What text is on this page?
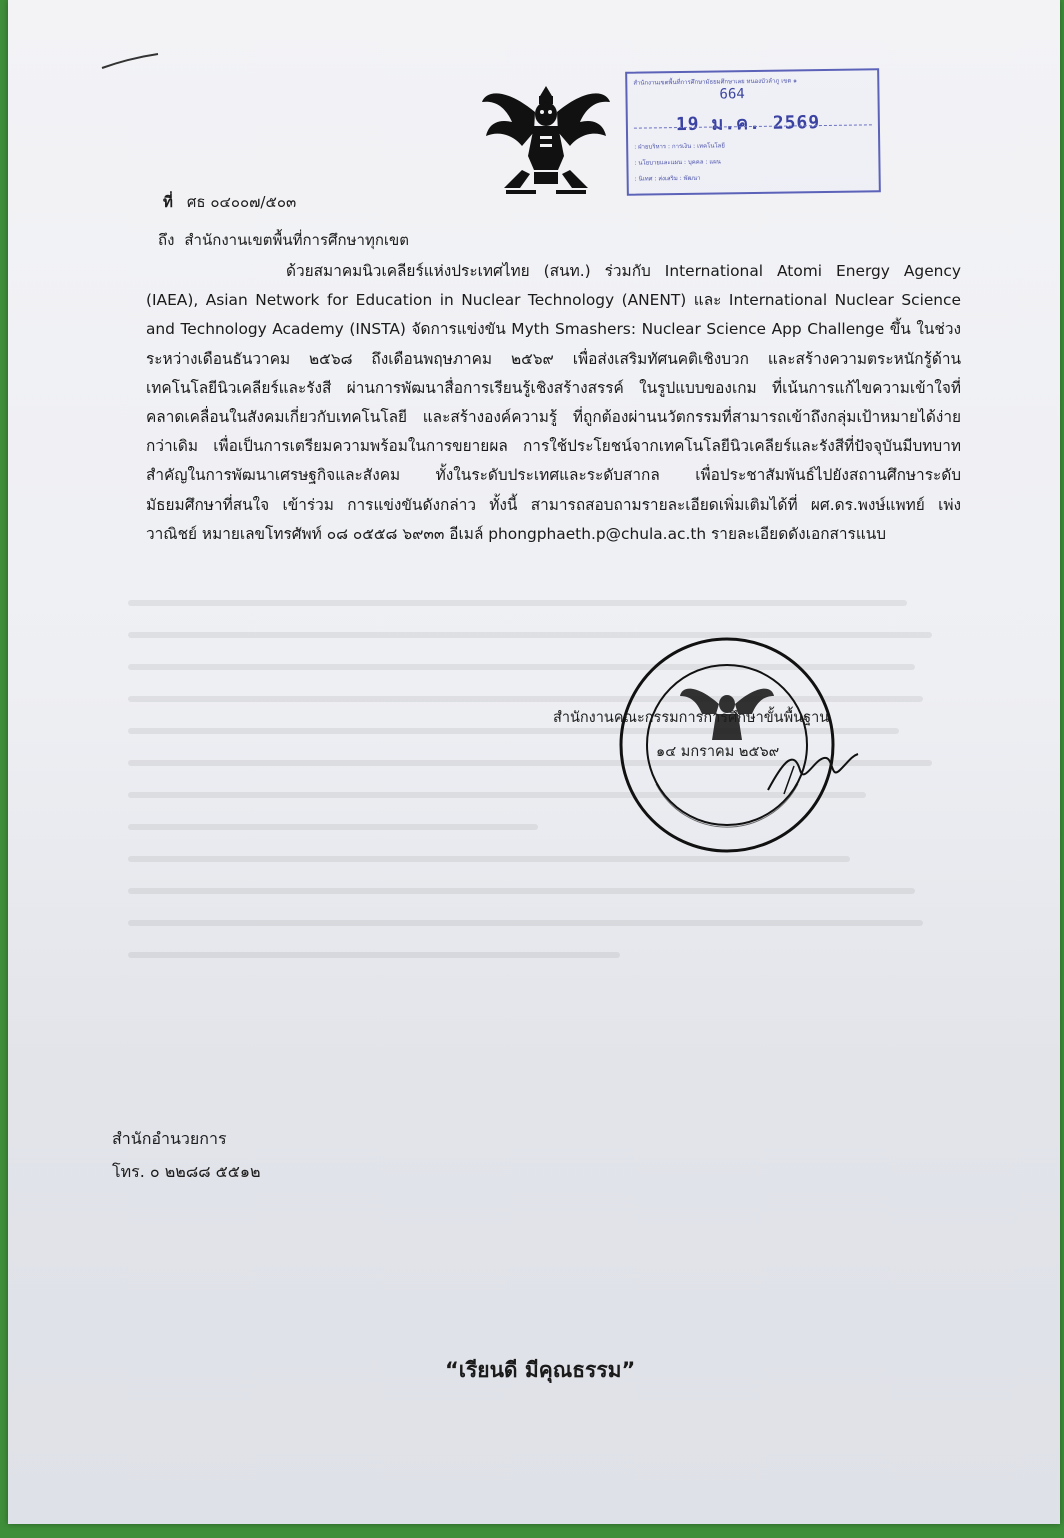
สำนักงานเขตพื้นที่การศึกษามัธยมศึกษาเลย หนองบัวลำภู เขต ๑
664
19 ม.ค. 2569
: ฝ่ายบริหาร : การเงิน : เทคโนโลยี
: นโยบายและแผน : บุคคล : แผน
: นิเทศ : ส่งเสริม : พัฒนา
ที่ ศธ ๐๔๐๐๗/๕๐๓
ถึง สำนักงานเขตพื้นที่การศึกษาทุกเขต
ด้วยสมาคมนิวเคลียร์แห่งประเทศไทย (สนท.) ร่วมกับ International Atomi Energy Agency (IAEA), Asian Network for Education in Nuclear Technology (ANENT) และ International Nuclear Science and Technology Academy (INSTA) จัดการแข่งขัน Myth Smashers: Nuclear Science App Challenge ขึ้น ในช่วงระหว่างเดือนธันวาคม ๒๕๖๘ ถึงเดือนพฤษภาคม ๒๕๖๙ เพื่อส่งเสริมทัศนคติเชิงบวก และสร้างความตระหนักรู้ด้านเทคโนโลยีนิวเคลียร์และรังสี ผ่านการพัฒนาสื่อการเรียนรู้เชิงสร้างสรรค์ ในรูปแบบของเกม ที่เน้นการแก้ไขความเข้าใจที่คลาดเคลื่อนในสังคมเกี่ยวกับเทคโนโลยี และสร้างองค์ความรู้ ที่ถูกต้องผ่านนวัตกรรมที่สามารถเข้าถึงกลุ่มเป้าหมายได้ง่ายกว่าเดิม เพื่อเป็นการเตรียมความพร้อมในการขยายผล การใช้ประโยชน์จากเทคโนโลยีนิวเคลียร์และรังสีที่ปัจจุบันมีบทบาทสำคัญในการพัฒนาเศรษฐกิจและสังคม ทั้งในระดับประเทศและระดับสากล เพื่อประชาสัมพันธ์ไปยังสถานศึกษาระดับมัธยมศึกษาที่สนใจ เข้าร่วม การแข่งขันดังกล่าว ทั้งนี้ สามารถสอบถามรายละเอียดเพิ่มเติมได้ที่ ผศ.ดร.พงษ์แพทย์ เพ่งวาณิชย์ หมายเลขโทรศัพท์ ๐๘ ๐๕๕๘ ๖๙๓๓ อีเมล์ phongphaeth.p@chula.ac.th รายละเอียดดังเอกสารแนบ
สำนักงานคณะกรรมการการศึกษาขั้นพื้นฐาน
๑๔ มกราคม ๒๕๖๙
สำนักอำนวยการ
โทร. ๐ ๒๒๘๘ ๕๕๑๒
“เรียนดี มีคุณธรรม”
